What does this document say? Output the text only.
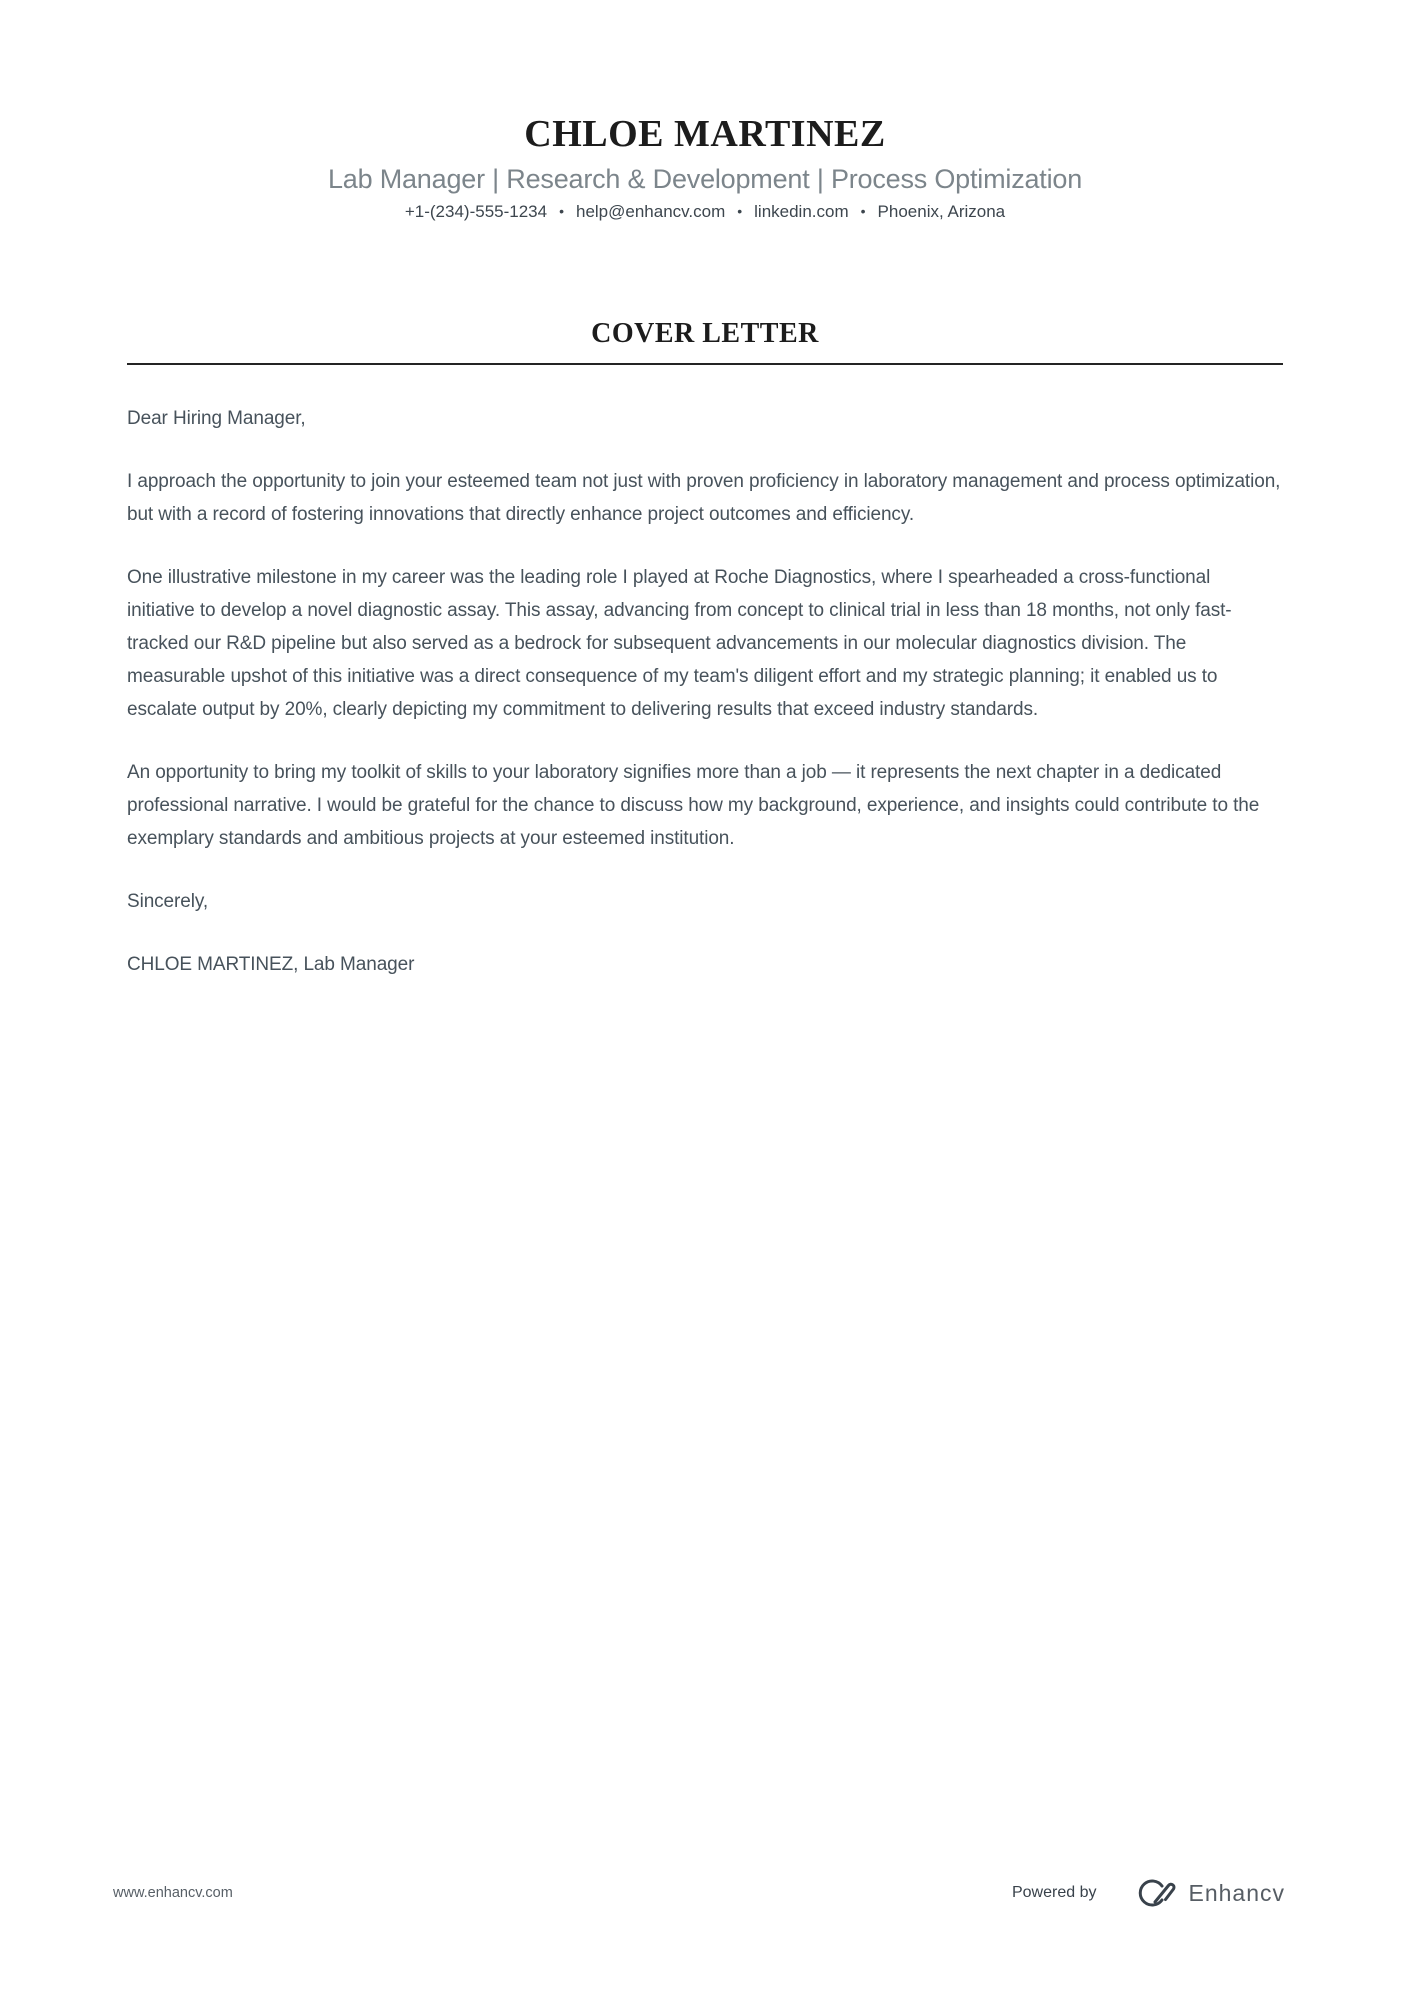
CHLOE MARTINEZ
Lab Manager | Research & Development | Process Optimization
+1-(234)-555-1234 • help@enhancv.com • linkedin.com • Phoenix, Arizona
COVER LETTER

Dear Hiring Manager,

I approach the opportunity to join your esteemed team not just with proven proficiency in laboratory management and process optimization, but with a record of fostering innovations that directly enhance project outcomes and efficiency.

One illustrative milestone in my career was the leading role I played at Roche Diagnostics, where I spearheaded a cross-functional initiative to develop a novel diagnostic assay. This assay, advancing from concept to clinical trial in less than 18 months, not only fast-tracked our R&D pipeline but also served as a bedrock for subsequent advancements in our molecular diagnostics division. The measurable upshot of this initiative was a direct consequence of my team's diligent effort and my strategic planning; it enabled us to escalate output by 20%, clearly depicting my commitment to delivering results that exceed industry standards.

An opportunity to bring my toolkit of skills to your laboratory signifies more than a job — it represents the next chapter in a dedicated professional narrative. I would be grateful for the chance to discuss how my background, experience, and insights could contribute to the exemplary standards and ambitious projects at your esteemed institution.

Sincerely,

CHLOE MARTINEZ, Lab Manager

www.enhancv.com	Powered by	Enhancv
